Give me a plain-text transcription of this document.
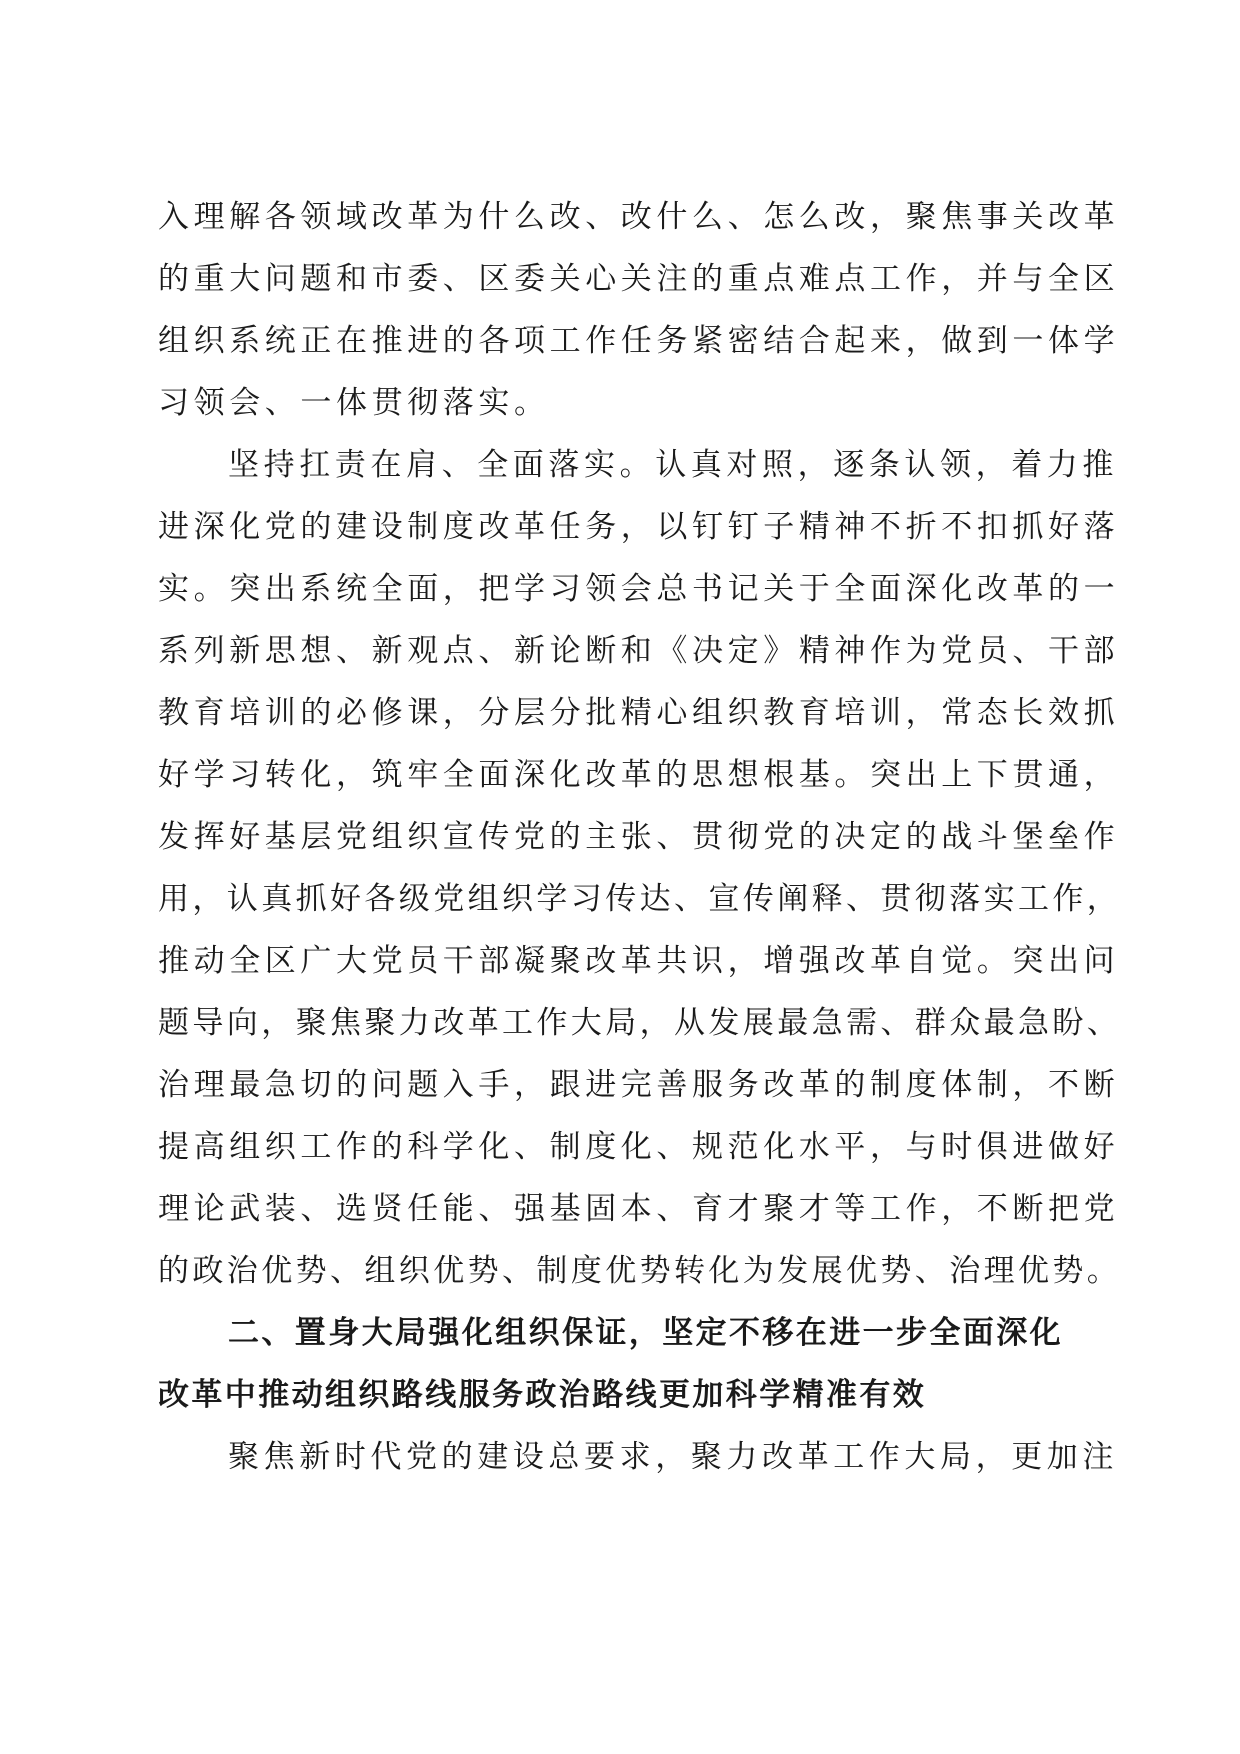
入理解各领域改革为什么改、改什么、怎么改，聚焦事关改革
的重大问题和市委、区委关心关注的重点难点工作，并与全区
组织系统正在推进的各项工作任务紧密结合起来，做到一体学
习领会、一体贯彻落实。
坚持扛责在肩、全面落实。认真对照，逐条认领，着力推
进深化党的建设制度改革任务，以钉钉子精神不折不扣抓好落
实。突出系统全面，把学习领会总书记关于全面深化改革的一
系列新思想、新观点、新论断和《决定》精神作为党员、干部
教育培训的必修课，分层分批精心组织教育培训，常态长效抓
好学习转化，筑牢全面深化改革的思想根基。突出上下贯通，
发挥好基层党组织宣传党的主张、贯彻党的决定的战斗堡垒作
用，认真抓好各级党组织学习传达、宣传阐释、贯彻落实工作，
推动全区广大党员干部凝聚改革共识，增强改革自觉。突出问
题导向，聚焦聚力改革工作大局，从发展最急需、群众最急盼、
治理最急切的问题入手，跟进完善服务改革的制度体制，不断
提高组织工作的科学化、制度化、规范化水平，与时俱进做好
理论武装、选贤任能、强基固本、育才聚才等工作，不断把党
的政治优势、组织优势、制度优势转化为发展优势、治理优势。
二、置身大局强化组织保证，坚定不移在进一步全面深化
改革中推动组织路线服务政治路线更加科学精准有效
聚焦新时代党的建设总要求，聚力改革工作大局，更加注
